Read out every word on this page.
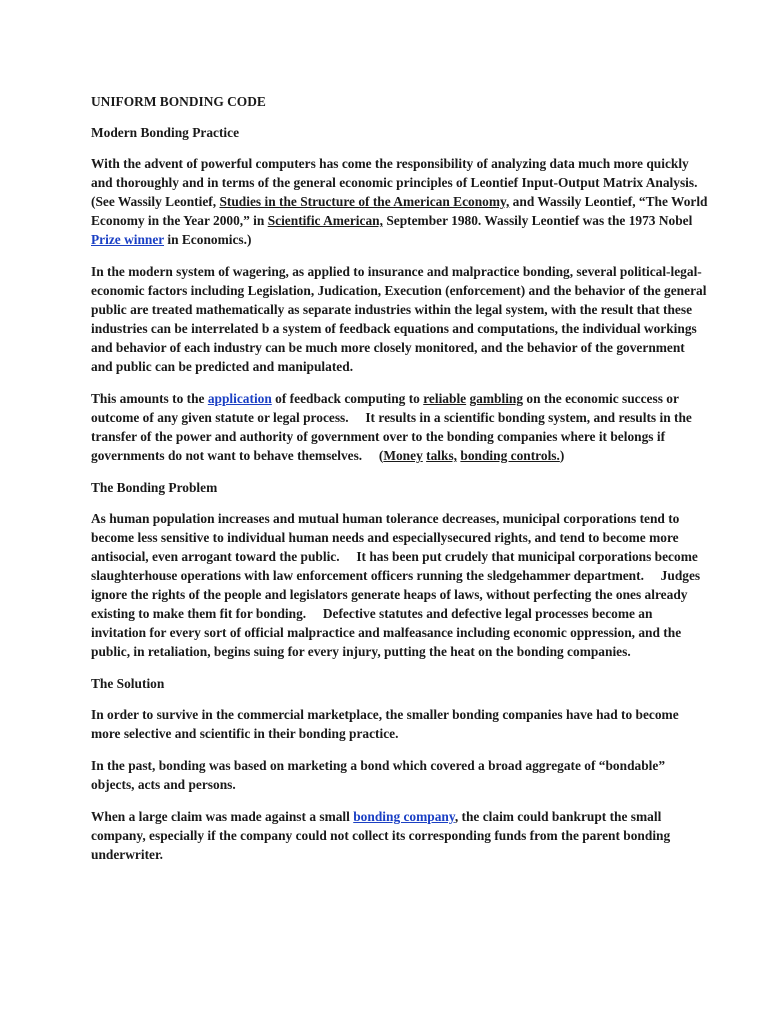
UNIFORM BONDING CODE

Modern Bonding Practice

With the advent of powerful computers has come the responsibility of analyzing data much more quickly and thoroughly and in terms of the general economic principles of Leontief Input-Output Matrix Analysis.(See Wassily Leontief, Studies in the Structure of the American Economy, and Wassily Leontief, “The World Economy in the Year 2000,” in Scientific American, September 1980. Wassily Leontief was the 1973 Nobel Prize winner in Economics.)

In the modern system of wagering, as applied to insurance and malpractice bonding, several political-legal-economic factors including Legislation, Judication, Execution (enforcement) and the behavior of the general public are treated mathematically as separate industries within the legal system, with the result that these industries can be interrelated b a system of feedback equations and computations, the individual workings and behavior of each industry can be much more closely monitored, and the behavior of the government and public can be predicted and manipulated.

This amounts to the application of feedback computing to reliable gambling on the economic success or outcome of any given statute or legal process.     It results in a scientific bonding system, and results in the transfer of the power and authority of government over to the bonding companies where it belongs if governments do not want to behave themselves.     (Money talks, bonding controls.)

The Bonding Problem

As human population increases and mutual human tolerance decreases, municipal corporations tend to become less sensitive to individual human needs and especiallysecured rights, and tend to become more antisocial, even arrogant toward the public.     It has been put crudely that municipal corporations become slaughterhouse operations with law enforcement officers running the sledgehammer department.     Judges ignore the rights of the people and legislators generate heaps of laws, without perfecting the ones already existing to make them fit for bonding.     Defective statutes and defective legal processes become an invitation for every sort of official malpractice and malfeasance including economic oppression, and the public, in retaliation, begins suing for every injury, putting the heat on the bonding companies.

The Solution

In order to survive in the commercial marketplace, the smaller bonding companies have had to become more selective and scientific in their bonding practice.

In the past, bonding was based on marketing a bond which covered a broad aggregate of “bondable” objects, acts and persons.

When a large claim was made against a small bonding company, the claim could bankrupt the small company, especially if the company could not collect its corresponding funds from the parent bonding underwriter.
